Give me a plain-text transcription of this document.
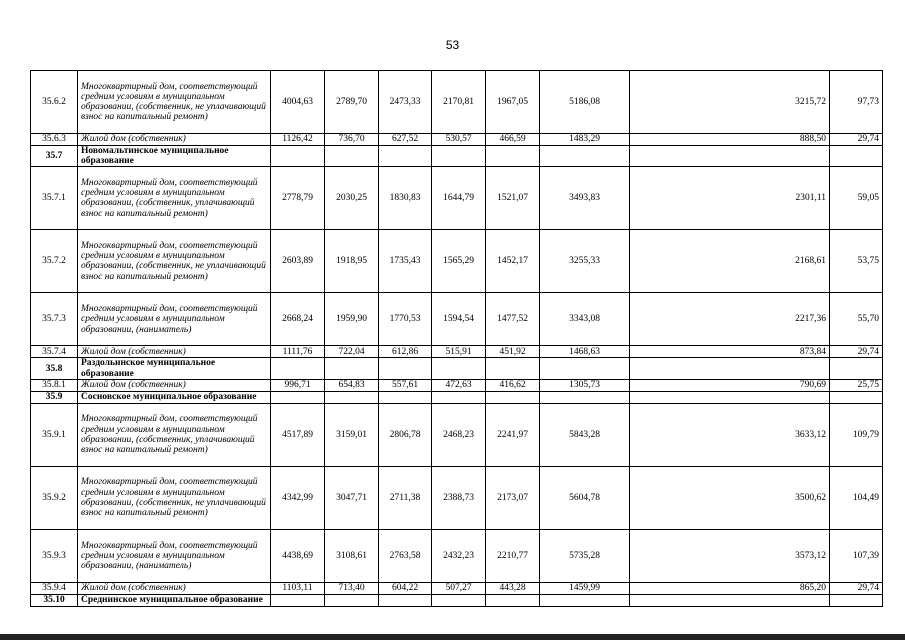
53
35.6.2	Многоквартирный дом, соответствующий средним условиям в муниципальном образовании, (собственник, не уплачивающий взнос на капитальный ремонт)	4004,63	2789,70	2473,33	2170,81	1967,05	5186,08	3215,72	97,73
35.6.3	Жилой дом (собственник)	1126,42	736,70	627,52	530,57	466,59	1483,29	888,50	29,74
35.7	Новомальтинское муниципальное образование								
35.7.1	Многоквартирный дом, соответствующий средним условиям в муниципальном образовании, (собственник, уплачивающий взнос на капитальный ремонт)	2778,79	2030,25	1830,83	1644,79	1521,07	3493,83	2301,11	59,05
35.7.2	Многоквартирный дом, соответствующий средним условиям в муниципальном образовании, (собственник, не уплачивающий взнос на капитальный ремонт)	2603,89	1918,95	1735,43	1565,29	1452,17	3255,33	2168,61	53,75
35.7.3	Многоквартирный дом, соответствующий средним условиям в муниципальном образовании, (наниматель)	2668,24	1959,90	1770,53	1594,54	1477,52	3343,08	2217,36	55,70
35.7.4	Жилой дом (собственник)	1111,76	722,04	612,86	515,91	451,92	1468,63	873,84	29,74
35.8	Раздольинское муниципальное образование								
35.8.1	Жилой дом (собственник)	996,71	654,83	557,61	472,63	416,62	1305,73	790,69	25,75
35.9	Сосновское муниципальное образование								
35.9.1	Многоквартирный дом, соответствующий средним условиям в муниципальном образовании, (собственник, уплачивающий взнос на капитальный ремонт)	4517,89	3159,01	2806,78	2468,23	2241,97	5843,28	3633,12	109,79
35.9.2	Многоквартирный дом, соответствующий средним условиям в муниципальном образовании, (собственник, не уплачивающий взнос на капитальный ремонт)	4342,99	3047,71	2711,38	2388,73	2173,07	5604,78	3500,62	104,49
35.9.3	Многоквартирный дом, соответствующий средним условиям в муниципальном образовании, (наниматель)	4438,69	3108,61	2763,58	2432,23	2210,77	5735,28	3573,12	107,39
35.9.4	Жилой дом (собственник)	1103,11	713,40	604,22	507,27	443,28	1459,99	865,20	29,74
35.10	Среднинское муниципальное образование								
